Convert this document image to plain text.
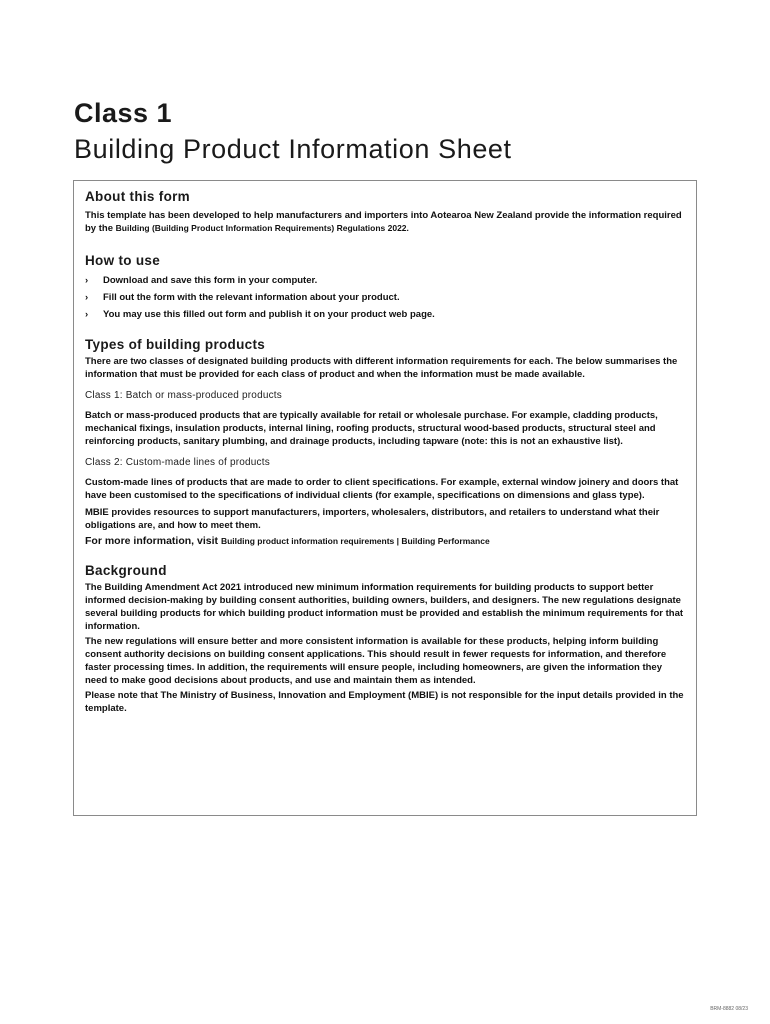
Class 1
Building Product Information Sheet
About this form

This template has been developed to help manufacturers and importers into Aotearoa New Zealand provide the information required by the Building (Building Product Information Requirements) Regulations 2022.

How to use
›	Download and save this form in your computer.
›	Fill out the form with the relevant information about your product.
›	You may use this filled out form and publish it on your product web page.
Types of building products

There are two classes of designated building products with different information requirements for each. The below summarises the information that must be provided for each class of product and when the information must be made available.

Class 1: Batch or mass-produced products

Batch or mass-produced products that are typically available for retail or wholesale purchase. For example, cladding products, mechanical fixings, insulation products, internal lining, roofing products, structural wood-based products, structural steel and reinforcing products, sanitary plumbing, and drainage products, including tapware (note: this is not an exhaustive list).

Class 2: Custom-made lines of products

Custom-made lines of products that are made to order to client specifications. For example, external window joinery and doors that have been customised to the specifications of individual clients (for example, specifications on dimensions and glass type).

MBIE provides resources to support manufacturers, importers, wholesalers, distributors, and retailers to understand what their obligations are, and how to meet them.

For more information, visit Building product information requirements | Building Performance

Background

The Building Amendment Act 2021 introduced new minimum information requirements for building products to support better informed decision-making by building consent authorities, building owners, builders, and designers. The new regulations designate several building products for which building product information must be provided and establish the minimum requirements for that information.

The new regulations will ensure better and more consistent information is available for these products, helping inform building consent authority decisions on building consent applications. This should result in fewer requests for information, and therefore faster processing times. In addition, the requirements will ensure people, including homeowners, are given the information they need to make good decisions about products, and use and maintain them as intended.

Please note that The Ministry of Business, Innovation and Employment (MBIE) is not responsible for the input details provided in the template.

BRM-8882 08/23
